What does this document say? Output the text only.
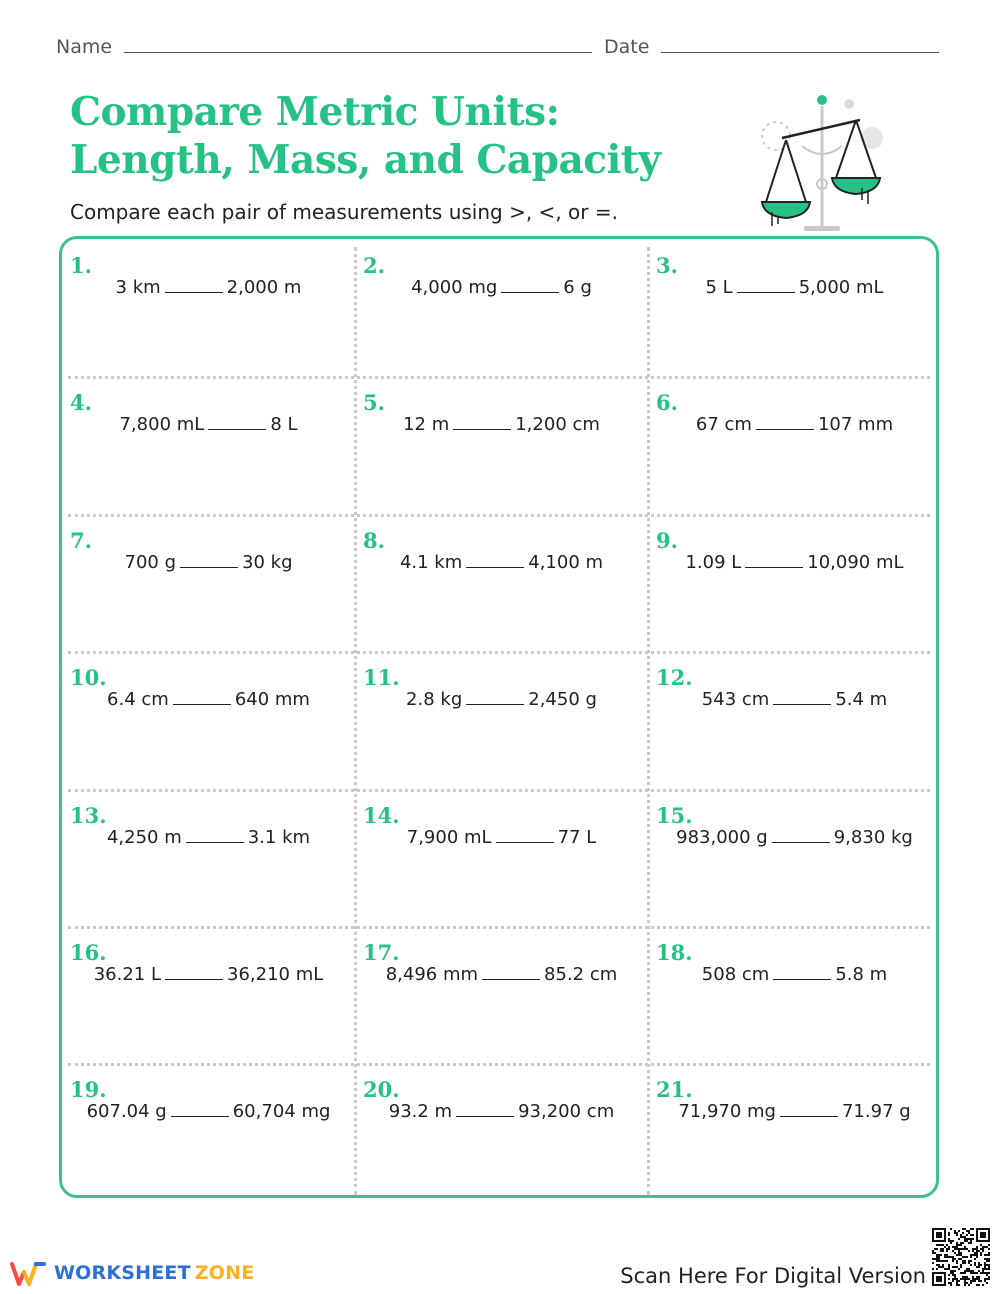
Name	Date
Compare Metric Units:
Length, Mass, and Capacity
Compare each pair of measurements using >, <, or =.
1.
3 km	2,000 m
2.
4,000 mg	6 g
3.
5 L	5,000 mL
4.
7,800 mL	8 L
5.
12 m	1,200 cm
6.
67 cm	107 mm
7.
700 g	30 kg
8.
4.1 km	4,100 m
9.
1.09 L	10,090 mL
10.
6.4 cm	640 mm
11.
2.8 kg	2,450 g
12.
543 cm	5.4 m
13.
4,250 m	3.1 km
14.
7,900 mL	77 L
15.
983,000 g	9,830 kg
16.
36.21 L	36,210 mL
17.
8,496 mm	85.2 cm
18.
508 cm	5.8 m
19.
607.04 g	60,704 mg
20.
93.2 m	93,200 cm
21.
71,970 mg	71.97 g
WORKSHEET ZONE	Scan Here For Digital Version
